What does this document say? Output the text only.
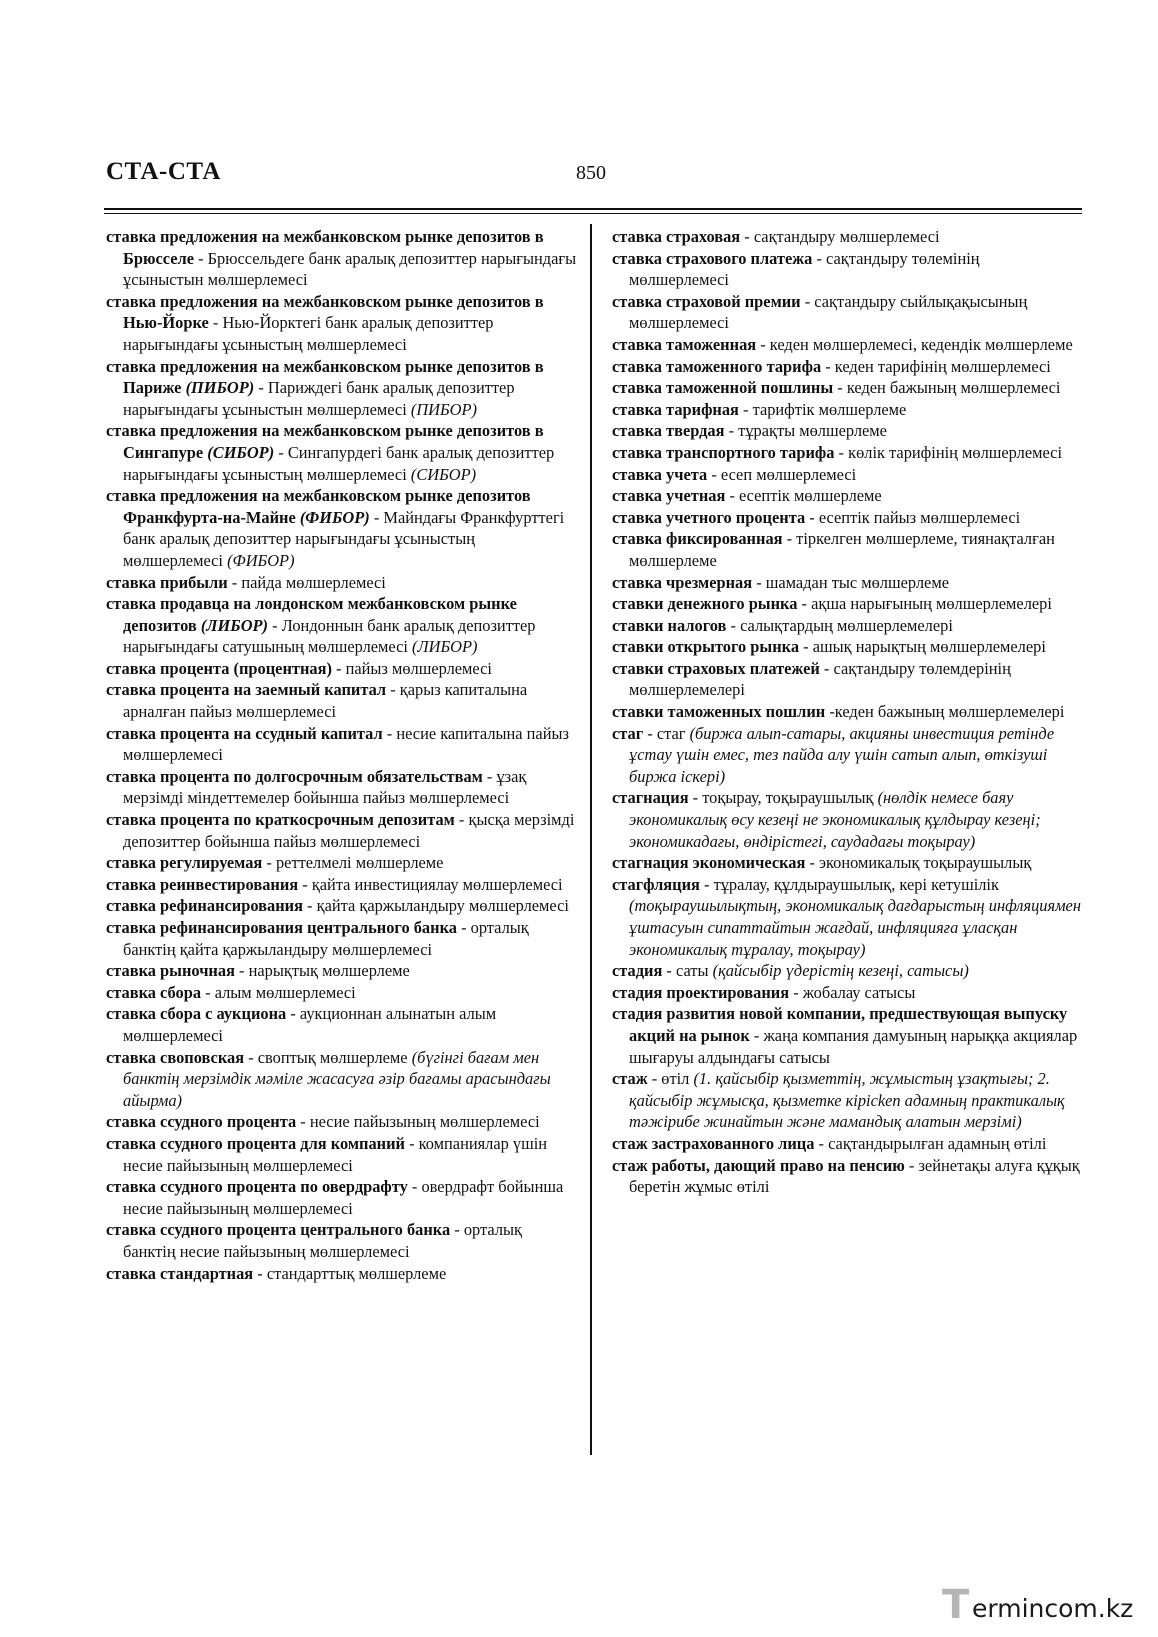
СТА-СТА	850

ставка предложения на межбанковском рынке депозитов в Брюсселе - Брюссельдеге банк аралық депозиттер нарығындағы ұсыныстын мөлшерлемесі

ставка предложения на межбанковском рынке депозитов в Нью-Йорке - Нью-Йорктегі банк аралық депозиттер нарығындағы ұсыныстың мөлшерлемесі

ставка предложения на межбанковском рынке депозитов в Париже (ПИБОР) - Париждегі банк аралық депозиттер нарығындағы ұсыныстын мөлшерлемесі (ПИБОР)

ставка предложения на межбанковском рынке депозитов в Сингапуре (СИБОР) - Сингапурдегі банк аралық депозиттер нарығындағы ұсыныстың мөлшерлемесі (СИБОР)

ставка предложения на межбанковском рынке депозитов Франкфурта-на-Майне (ФИБОР) - Майндағы Франкфурттегі банк аралық депозиттер нарығындағы ұсыныстың мөлшерлемесі (ФИБОР)

ставка прибыли - пайда мөлшерлемесі

ставка продавца на лондонском межбанковском рынке депозитов (ЛИБОР) - Лондоннын банк аралық депозиттер нарығындағы сатушының мөлшерлемесі (ЛИБОР)

ставка процента (процентная) - пайыз мөлшерлемесі

ставка процента на заемный капитал - қарыз капиталына арналған пайыз мөлшерлемесі

ставка процента на ссудный капитал - несие капиталына пайыз мөлшерлемесі

ставка процента по долгосрочным обязательствам - ұзақ мерзімді міндеттемелер бойынша пайыз мөлшерлемесі

ставка процента по краткосрочным депозитам - қысқа мерзімді депозиттер бойынша пайыз мөлшерлемесі

ставка регулируемая - реттелмелі мөлшерлеме

ставка реинвестирования - қайта инвестициялау мөлшерлемесі

ставка рефинансирования - қайта қаржыландыру мөлшерлемесі

ставка рефинансирования центрального банка - орталық банктің қайта қаржыландыру мөлшерлемесі

ставка рыночная - нарықтық мөлшерлеме

ставка сбора - алым мөлшерлемесі

ставка сбора с аукциона - аукционнан алынатын алым мөлшерлемесі

ставка своповская - своптық мөлшерлеме (бүгінгі бағам мен банктің мерзімдік мәміле жасасуға әзір бағамы арасындағы айырма)

ставка ссудного процента - несие пайызының мөлшерлемесі

ставка ссудного процента для компаний - компаниялар үшін несие пайызының мөлшерлемесі

ставка ссудного процента по овердрафту - овердрафт бойынша несие пайызының мөлшерлемесі

ставка ссудного процента центрального банка - орталық банктің несие пайызының мөлшерлемесі

ставка стандартная - стандарттық мөлшерлеме

ставка страховая - сақтандыру мөлшерлемесі

ставка страхового платежа - сақтандыру төлемінің мөлшерлемесі

ставка страховой премии - сақтандыру сыйлықақысының мөлшерлемесі

ставка таможенная - кеден мөлшерлемесі, кедендік мөлшерлеме

ставка таможенного тарифа - кеден тарифінің мөлшерлемесі

ставка таможенной пошлины - кеден бажының мөлшерлемесі

ставка тарифная - тарифтік мөлшерлеме

ставка твердая - тұрақты мөлшерлеме

ставка транспортного тарифа - көлік тарифінің мөлшерлемесі

ставка учета - есеп мөлшерлемесі

ставка учетная - есептік мөлшерлеме

ставка учетного процента - есептік пайыз мөлшерлемесі

ставка фиксированная - тіркелген мөлшерлеме, тиянақталған мөлшерлеме

ставка чрезмерная - шамадан тыс мөлшерлеме

ставки денежного рынка - ақша нарығының мөлшерлемелері

ставки налогов - салықтардың мөлшерлемелері

ставки открытого рынка - ашық нарықтың мөлшерлемелері

ставки страховых платежей - сақтандыру төлемдерінің мөлшерлемелері

ставки таможенных пошлин -кеден бажының мөлшерлемелері

стаг - стаг (биржа алып-сатары, акцияны инвестиция ретінде ұстау үшін емес, тез пайда алу үшін сатып алып, өткізуші биржа іскері)

стагнация - тоқырау, тоқыраушылық (нөлдік немесе баяу экономикалық өсу кезеңі не экономикалық құлдырау кезеңі; экономикадағы, өндірістегі, саудадағы тоқырау)

стагнация экономическая - экономикалық тоқыраушылық

стагфляция - тұралау, құлдыраушылық, кері кетушілік (тоқыраушылықтың, экономикалық дағдарыстың инфляциямен ұштасуын сипаттайтын жағдай, инфляцияға ұласқан экономикалық тұралау, тоқырау)

стадия - саты (қайсыбір үдерістің кезеңі, сатысы)

стадия проектирования - жобалау сатысы

стадия развития новой компании, предшествующая выпуску акций на рынок - жаңа компания дамуының нарыққа акциялар шығаруы алдындағы сатысы

стаж - өтіл (1. қайсыбір қызметтің, жұмыстың ұзақтығы; 2. қайсыбір жұмысқа, қызметке кірісken адамның практикалық тәжірибе жинайтын және мамандық алатын мерзімі)

стаж застрахованного лица - сақтандырылған адамның өтілі

стаж работы, дающий право на пенсию - зейнетақы алуға құқық беретін жұмыс өтілі

T ermincom.kz
